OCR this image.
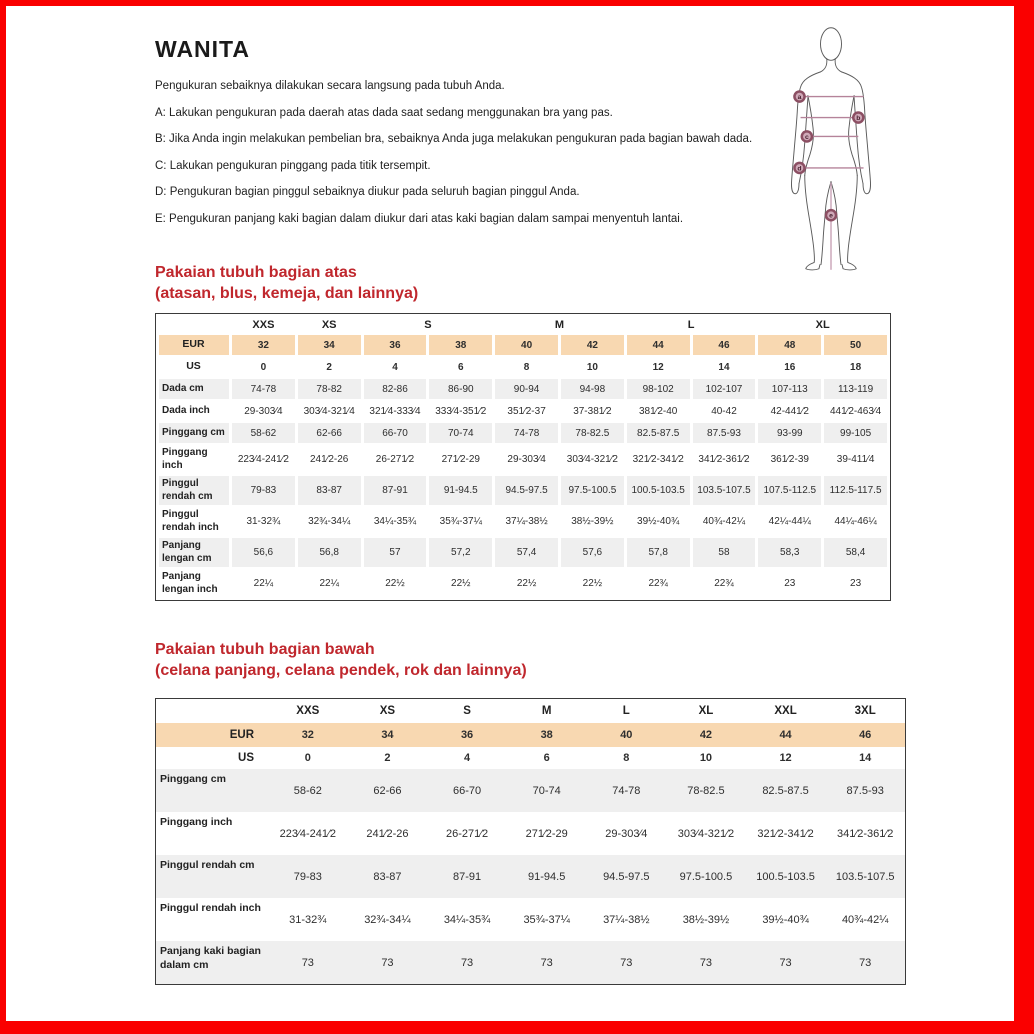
WANITA

Pengukuran sebaiknya dilakukan secara langsung pada tubuh Anda.

A: Lakukan pengukuran pada daerah atas dada saat sedang menggunakan bra yang pas.

B: Jika Anda ingin melakukan pembelian bra, sebaiknya Anda juga melakukan pengukuran pada bagian bawah dada.

C: Lakukan pengukuran pinggang pada titik tersempit.

D: Pengukuran bagian pinggul sebaiknya diukur pada seluruh bagian pinggul Anda.

E: Pengukuran panjang kaki bagian dalam diukur dari atas kaki bagian dalam sampai menyentuh lantai.

a
b
c
d
e
Pakaian tubuh bagian atas
(atasan, blus, kemeja, dan lainnya)
	XXS	XS	S		M		L		XL	
EUR	32	34	36	38	40	42	44	46	48	50
US	0	2	4	6	8	10	12	14	16	18
Dada cm	74-78	78-82	82-86	86-90	90-94	94-98	98-102	102-107	107-113	113-119
Dada inch	29-303⁄4	303⁄4-321⁄4	321⁄4-333⁄4	333⁄4-351⁄2	351⁄2-37	37-381⁄2	381⁄2-40	40-42	42-441⁄2	441⁄2-463⁄4
Pinggang cm	58-62	62-66	66-70	70-74	74-78	78-82.5	82.5-87.5	87.5-93	93-99	99-105
Pinggang inch	223⁄4-241⁄2	241⁄2-26	26-271⁄2	271⁄2-29	29-303⁄4	303⁄4-321⁄2	321⁄2-341⁄2	341⁄2-361⁄2	361⁄2-39	39-411⁄4
Pinggul rendah cm	79-83	83-87	87-91	91-94.5	94.5-97.5	97.5-100.5	100.5-103.5	103.5-107.5	107.5-112.5	112.5-117.5
Pinggul rendah inch	31-32¾	32¾-34¼	34¼-35¾	35¾-37¼	37¼-38½	38½-39½	39½-40¾	40¾-42¼	42¼-44¼	44¼-46¼
Panjang lengan cm	56,6	56,8	57	57,2	57,4	57,6	57,8	58	58,3	58,4
Panjang lengan inch	22¼	22¼	22½	22½	22½	22½	22¾	22¾	23	23
Pakaian tubuh bagian bawah
(celana panjang, celana pendek, rok dan lainnya)
	XXS	XS	S	M	L	XL	XXL	3XL
EUR	32	34	36	38	40	42	44	46
US	0	2	4	6	8	10	12	14
Pinggang cm	58-62	62-66	66-70	70-74	74-78	78-82.5	82.5-87.5	87.5-93
Pinggang inch	223⁄4-241⁄2	241⁄2-26	26-271⁄2	271⁄2-29	29-303⁄4	303⁄4-321⁄2	321⁄2-341⁄2	341⁄2-361⁄2
Pinggul rendah cm	79-83	83-87	87-91	91-94.5	94.5-97.5	97.5-100.5	100.5-103.5	103.5-107.5
Pinggul rendah inch	31-32¾	32¾-34¼	34¼-35¾	35¾-37¼	37¼-38½	38½-39½	39½-40¾	40¾-42¼
Panjang kaki bagian dalam cm	73	73	73	73	73	73	73	73
